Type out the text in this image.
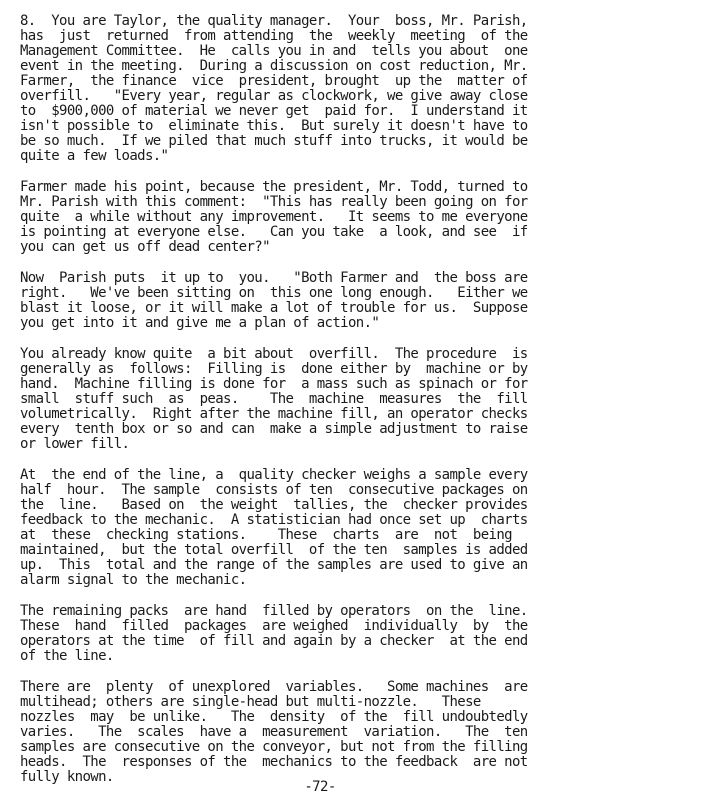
8.  You are Taylor, the quality manager.  Your  boss, Mr. Parish,
has  just  returned  from attending  the  weekly  meeting  of the
Management Committee.  He  calls you in and  tells you about  one
event in the meeting.  During a discussion on cost reduction, Mr.
Farmer,  the finance  vice  president, brought  up the  matter of
overfill.   "Every year, regular as clockwork, we give away close
to  $900,000 of material we never get  paid for.  I understand it
isn't possible to  eliminate this.  But surely it doesn't have to
be so much.  If we piled that much stuff into trucks, it would be
quite a few loads."
Farmer made his point, because the president, Mr. Todd, turned to
Mr. Parish with this comment:  "This has really been going on for
quite  a while without any improvement.   It seems to me everyone
is pointing at everyone else.   Can you take  a look, and see  if
you can get us off dead center?"
Now  Parish puts  it up to  you.   "Both Farmer and  the boss are
right.   We've been sitting on  this one long enough.   Either we
blast it loose, or it will make a lot of trouble for us.  Suppose
you get into it and give me a plan of action."
You already know quite  a bit about  overfill.  The procedure  is
generally as  follows:  Filling is  done either by  machine or by
hand.  Machine filling is done for  a mass such as spinach or for
small  stuff such  as  peas.    The  machine  measures  the  fill
volumetrically.  Right after the machine fill, an operator checks
every  tenth box or so and can  make a simple adjustment to raise
or lower fill.
At  the end of the line, a  quality checker weighs a sample every
half  hour.  The sample  consists of ten  consecutive packages on
the  line.   Based on  the weight  tallies, the  checker provides
feedback to the mechanic.  A statistician had once set up  charts
at  these  checking stations.    These  charts  are  not  being
maintained,  but the total overfill  of the ten  samples is added
up.  This  total and the range of the samples are used to give an
alarm signal to the mechanic.
The remaining packs  are hand  filled by operators  on the  line.
These  hand  filled  packages  are weighed  individually  by  the
operators at the time  of fill and again by a checker  at the end
of the line.
There are  plenty  of unexplored  variables.   Some machines  are
multihead; others are single-head but multi-nozzle.   These
nozzles  may  be unlike.   The  density  of the  fill undoubtedly
varies.   The  scales  have a  measurement  variation.   The  ten
samples are consecutive on the conveyor, but not from the filling
heads.  The  responses of the  mechanics to the feedback  are not
fully known.
-72-
